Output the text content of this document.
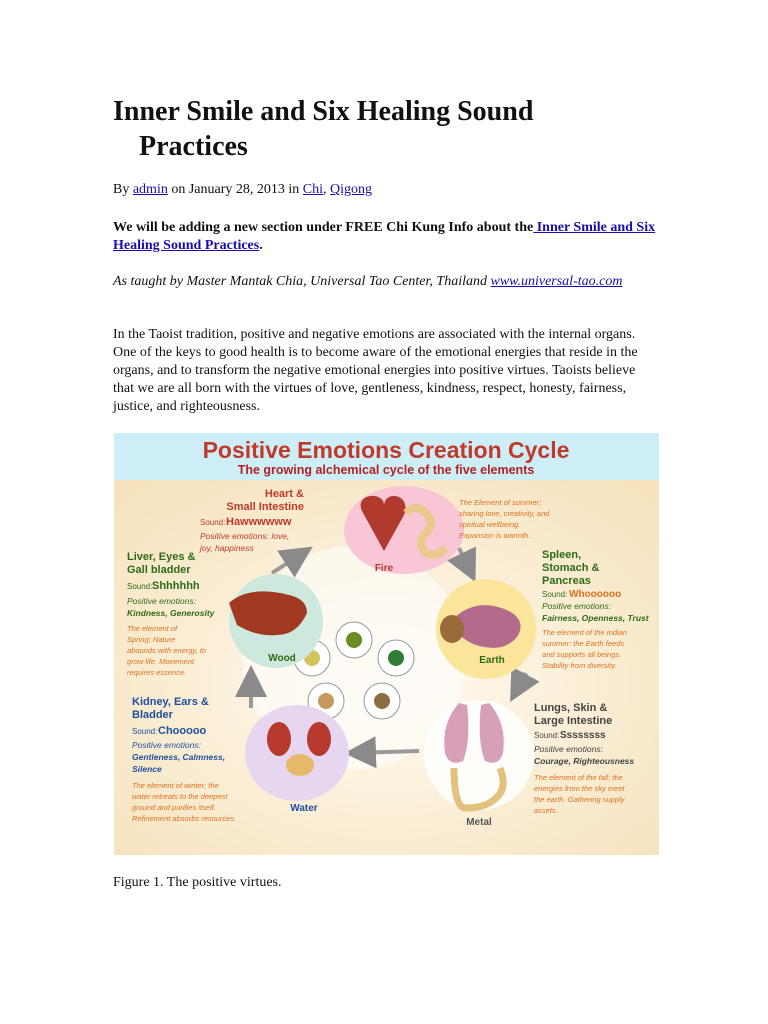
Inner Smile and Six Healing Sound

Practices
By admin on January 28, 2013 in Chi, Qigong
We will be adding a new section under FREE Chi Kung Info about the Inner Smile and Six Healing Sound Practices.
As taught by Master Mantak Chia, Universal Tao Center, Thailand www.universal-tao.com

In the Taoist tradition, positive and negative emotions are associated with the internal organs. One of the keys to good health is to become aware of the emotional energies that reside in the organs, and to transform the negative emotional energies into positive virtues. Taoists believe that we are all born with the virtues of love, gentleness, kindness, respect, honesty, fairness, justice, and righteousness.

Positive Emotions Creation Cycle
The growing alchemical cycle of the five elements
Fire
Heart &
Small Intestine
Sound: Hawwwwww
Positive emotions: love,
joy, happiness
The Element of summer;
sharing love, creativity, and
spiritual wellbeing.
Expansion is warmth.
Wood
Liver, Eyes &
Gall bladder
Sound: Shhhhhh
Positive emotions:
Kindness, Generosity
The element of
Spring; Nature
abounds with energy, to
grow life. Movement
requires essence.
Earth
Spleen,
Stomach &
Pancreas
Sound: Whoooooo
Positive emotions:
Fairness, Openness, Trust
The element of the Indian
summer: the Earth feeds
and supports all beings.
Stability from diversity.
Water
Kidney, Ears &
Bladder
Sound: Chooooo
Positive emotions:
Gentleness, Calmness,
Silence
The element of winter; the
water retreats to the deepest
ground and purifies itself.
Refinement absorbs resources.	Metal
Lungs, Skin &
Large Intestine
Sound: Ssssssss
Positive emotions:
Courage, Righteousness
The element of the fall; the
energies from the sky meet
the earth. Gathering supply
assets.
Figure 1. The positive virtues.
